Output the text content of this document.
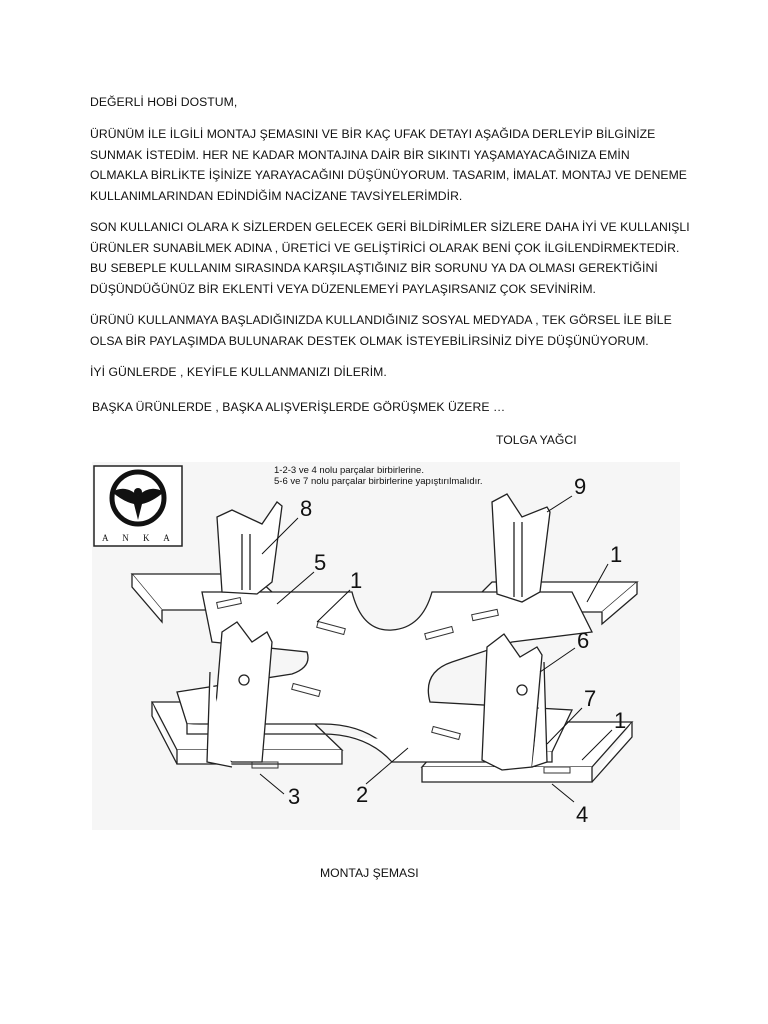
DEĞERLİ HOBİ DOSTUM,
ÜRÜNÜM İLE İLGİLİ MONTAJ ŞEMASINI VE BİR KAÇ UFAK DETAYI AŞAĞIDA DERLEYİP BİLGİNİZE SUNMAK İSTEDİM. HER NE KADAR MONTAJINA DAİR BİR SIKINTI YAŞAMAYACAĞINIZA EMİN OLMAKLA BİRLİKTE İŞİNİZE YARAYACAĞINI DÜŞÜNÜYORUM. TASARIM, İMALAT. MONTAJ VE DENEME KULLANIMLARINDAN EDİNDİĞİM NACİZANE TAVSİYELERİMDİR.
SON KULLANICI OLARA K SİZLERDEN GELECEK GERİ BİLDİRİMLER SİZLERE DAHA İYİ VE KULLANIŞLI ÜRÜNLER SUNABİLMEK ADINA , ÜRETİCİ VE GELİŞTİRİCİ OLARAK BENİ ÇOK İLGİLENDİRMEKTEDİR. BU SEBEPLE KULLANIM SIRASINDA KARŞILAŞTIĞINIZ BİR SORUNU YA DA OLMASI GEREKTİĞİNİ DÜŞÜNDÜĞÜNÜZ BİR EKLENTİ VEYA DÜZENLEMEYİ PAYLAŞIRSANIZ ÇOK SEVİNİRİM.
ÜRÜNÜ KULLANMAYA BAŞLADIĞINIZDA KULLANDIĞINIZ SOSYAL MEDYADA , TEK GÖRSEL İLE BİLE OLSA BİR PAYLAŞIMDA BULUNARAK DESTEK OLMAK İSTEYEBİLİRSİNİZ DİYE DÜŞÜNÜYORUM.
İYİ GÜNLERDE , KEYİFLE KULLANMANIZI DİLERİM.
BAŞKA ÜRÜNLERDE , BAŞKA ALIŞVERİŞLERDE GÖRÜŞMEK ÜZERE …
TOLGA YAĞCI
A N K A
1-2-3 ve 4 nolu parçalar birbirlerine.
5-6 ve 7 nolu parçalar birbirlerine yapıştırılmalıdır.
8
5
1
9
1
6
7
1
3	2
4
MONTAJ ŞEMASI
